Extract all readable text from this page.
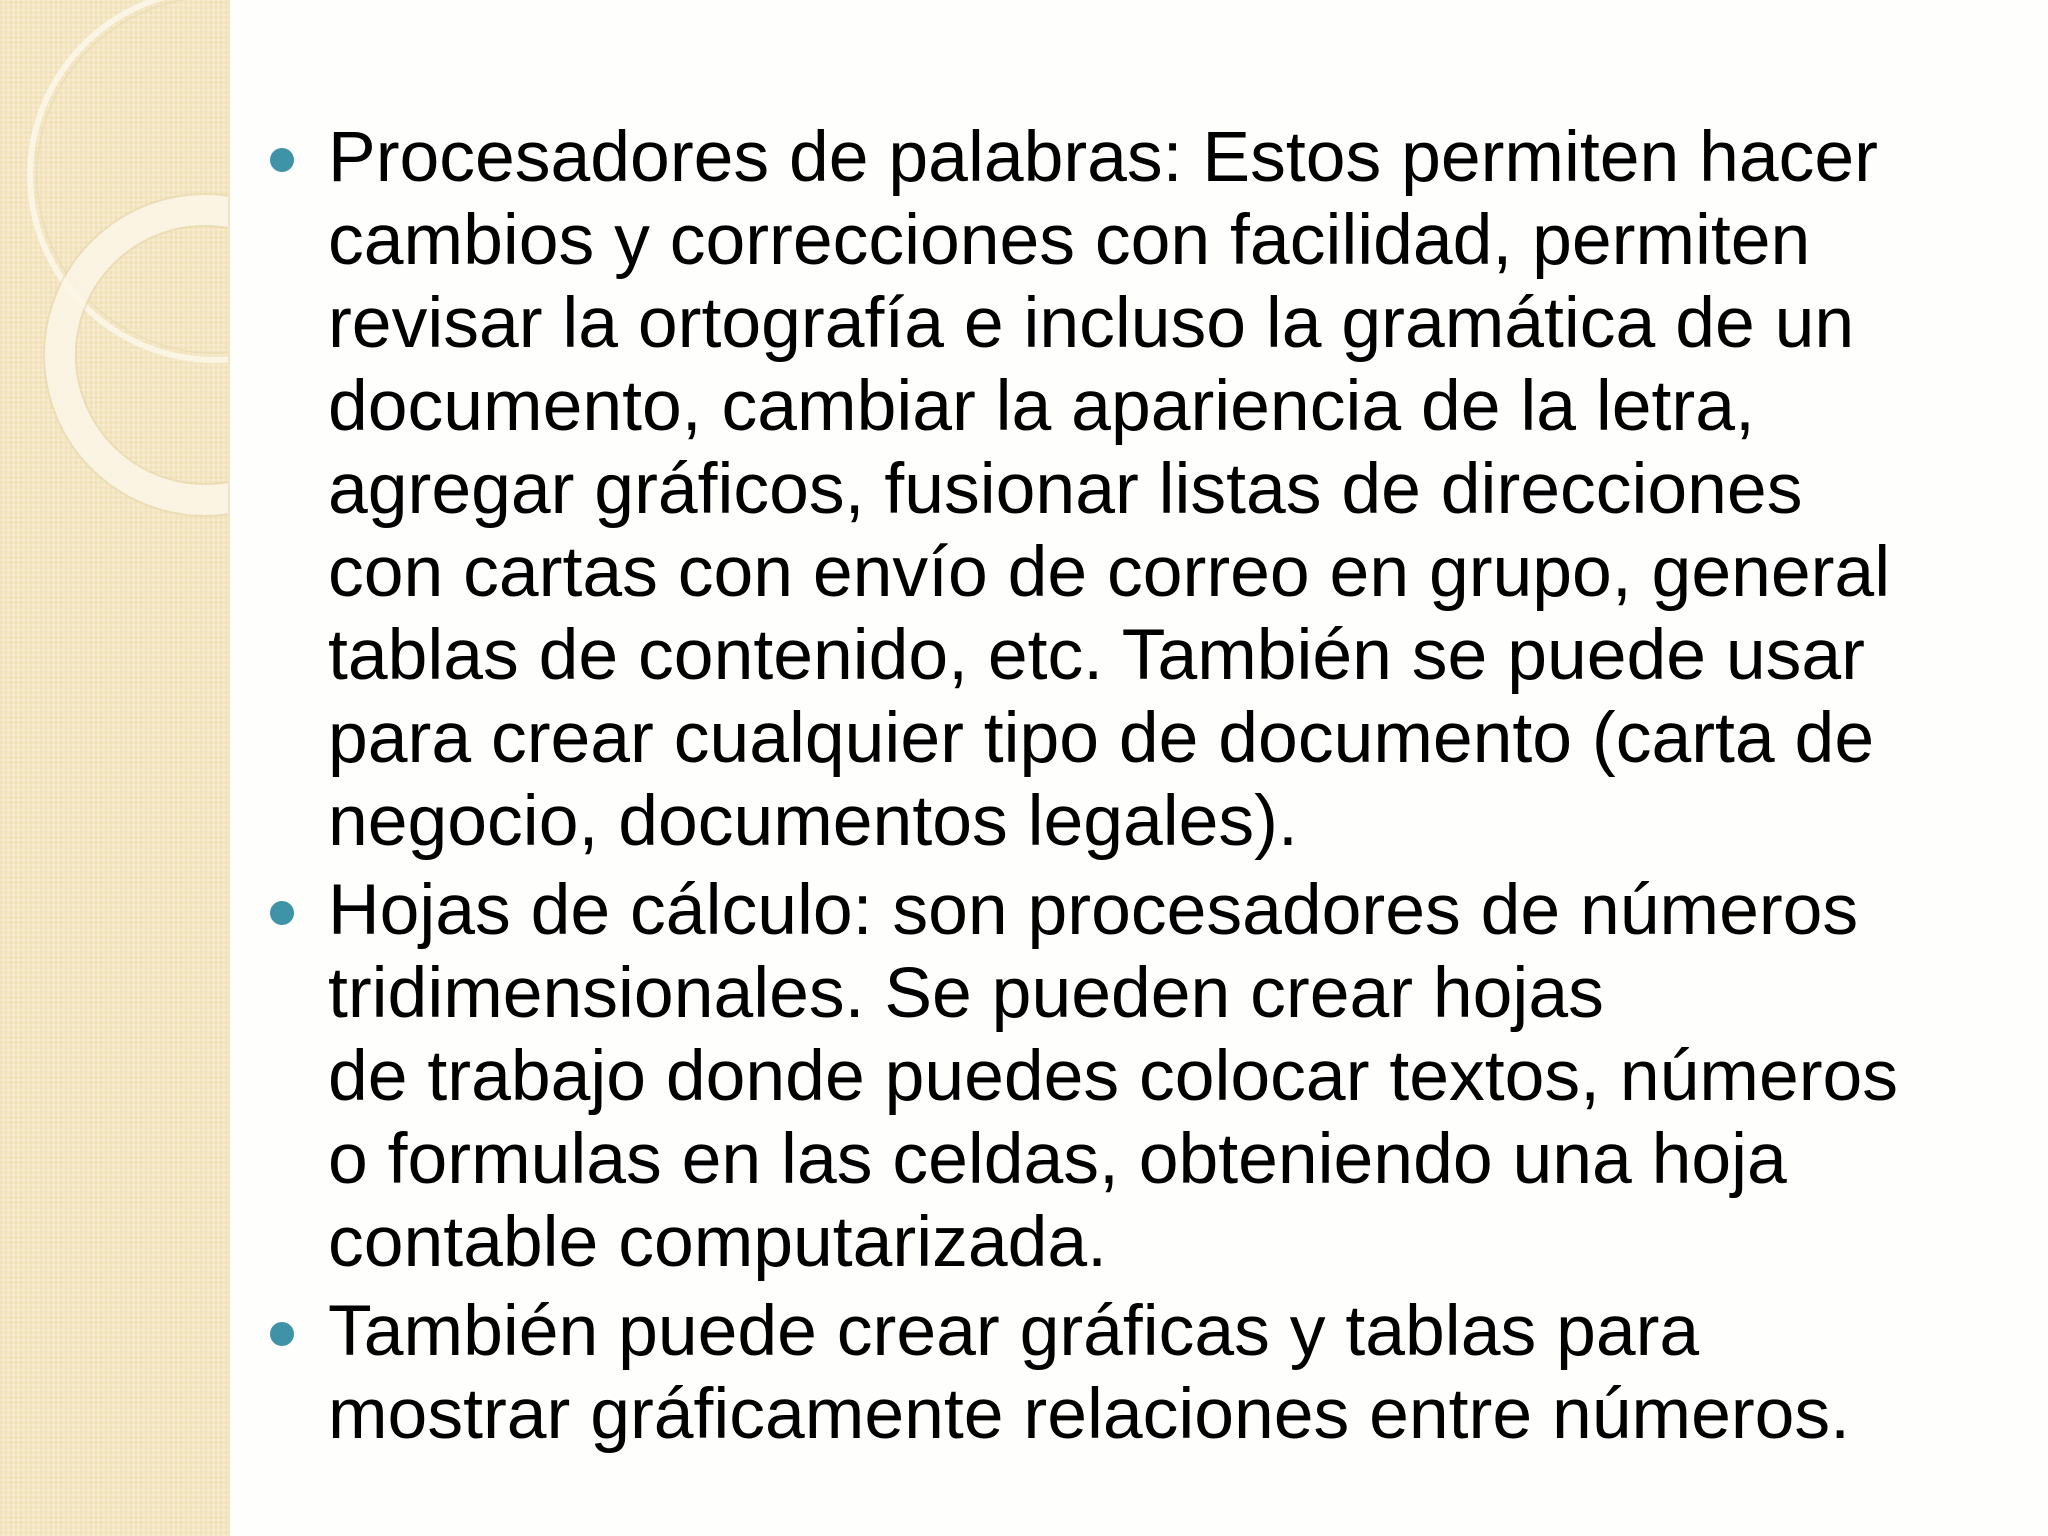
Procesadores de palabras: Estos permiten hacer
cambios y correcciones con facilidad, permiten
revisar la ortografía e incluso la gramática de un
documento, cambiar la apariencia de la letra,
agregar gráficos, fusionar listas de direcciones
con cartas con envío de correo en grupo, general
tablas de contenido, etc. También se puede usar
para crear cualquier tipo de documento (carta de
negocio, documentos legales).
Hojas de cálculo: son procesadores de números
tridimensionales. Se pueden crear hojas
de trabajo donde puedes colocar textos, números
o formulas en las celdas, obteniendo una hoja
contable computarizada.
También puede crear gráficas y tablas para
mostrar gráficamente relaciones entre números.
